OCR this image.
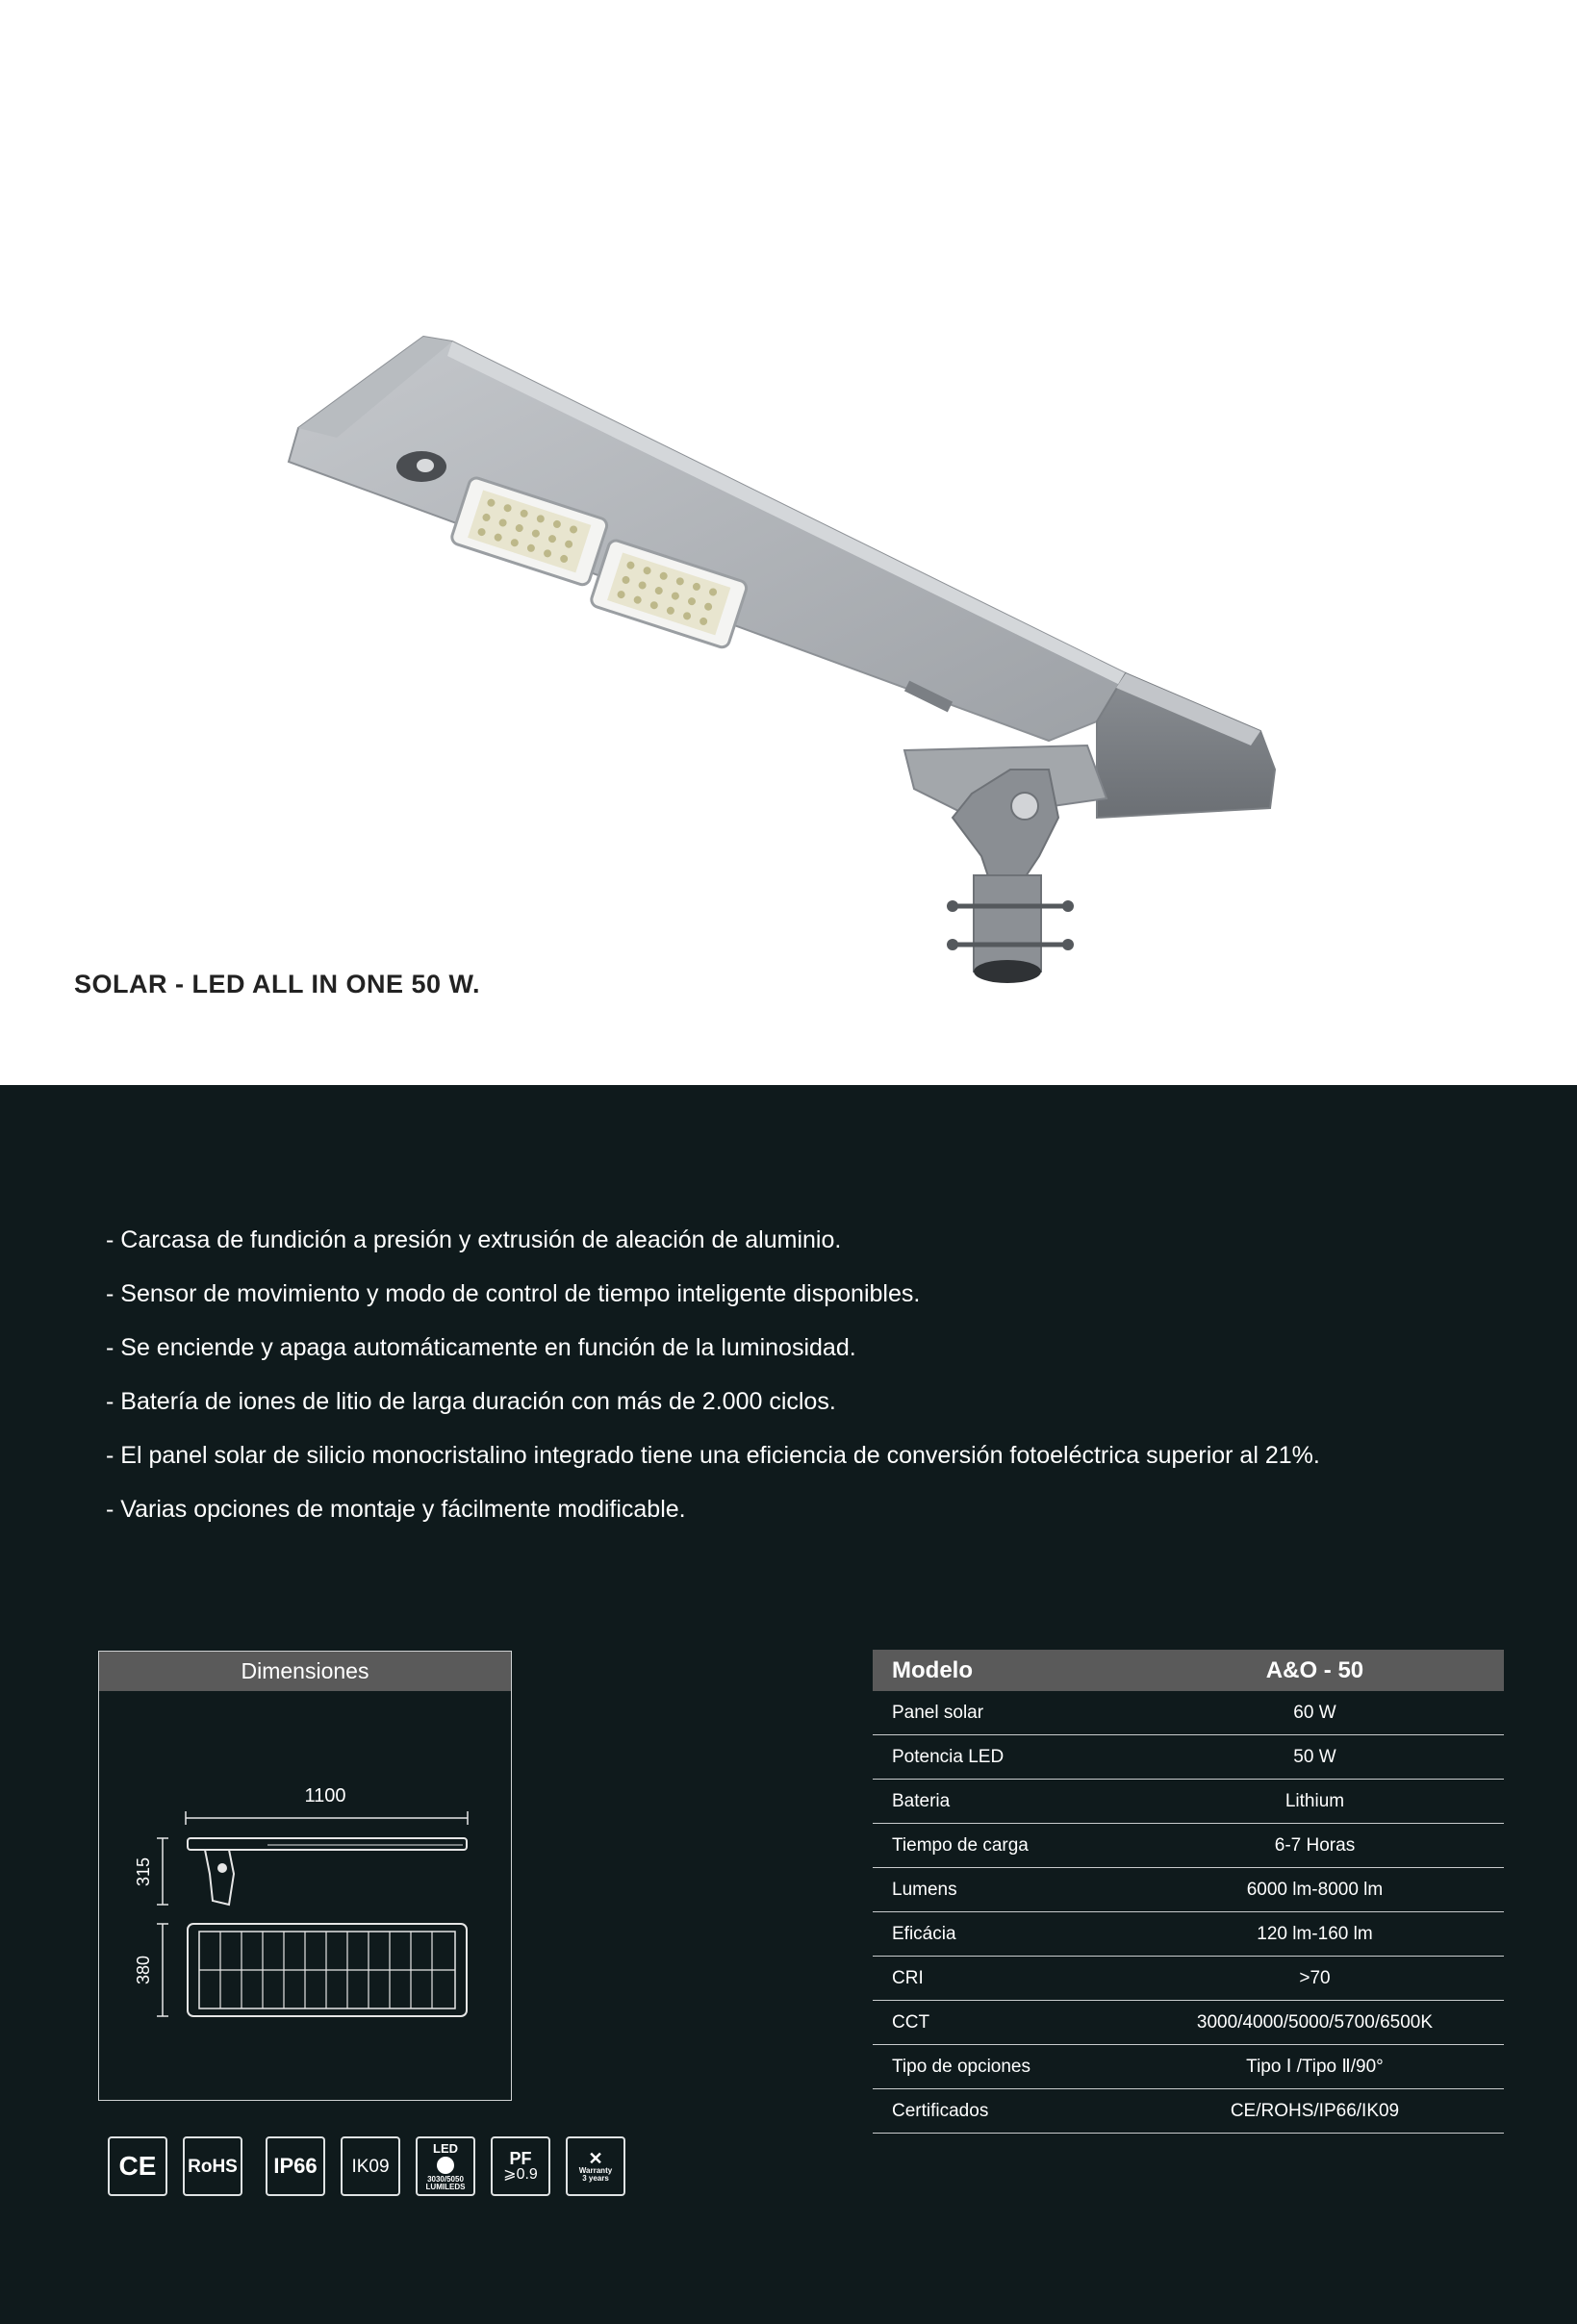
SOLAR - LED ALL IN ONE 50 W.
- Carcasa de fundición a presión y extrusión de aleación de aluminio.
- Sensor de movimiento y modo de control de tiempo inteligente disponibles.
- Se enciende y apaga automáticamente en función de la luminosidad.
- Batería de iones de litio de larga duración con más de 2.000 ciclos.
- El panel solar de silicio monocristalino integrado tiene una eficiencia de conversión fotoeléctrica superior al 21%.
- Varias opciones de montaje y fácilmente modificable.
Dimensiones
1100
315
380
CE RoHS IP66 IK09
LED
3030/5050
LUMILEDS
PF
⩾0.9
✕
Warranty
3 years
Modelo	A&O - 50
Panel solar	60 W
Potencia LED	50 W
Bateria	Lithium
Tiempo de carga	6-7 Horas
Lumens	6000 lm-8000 lm
Eficácia	120 lm-160 lm
CRI	>70
CCT	3000/4000/5000/5700/6500K
Tipo de opciones	Tipo Ⅰ /Tipo Ⅱ/90°
Certificados	CE/ROHS/IP66/IK09
